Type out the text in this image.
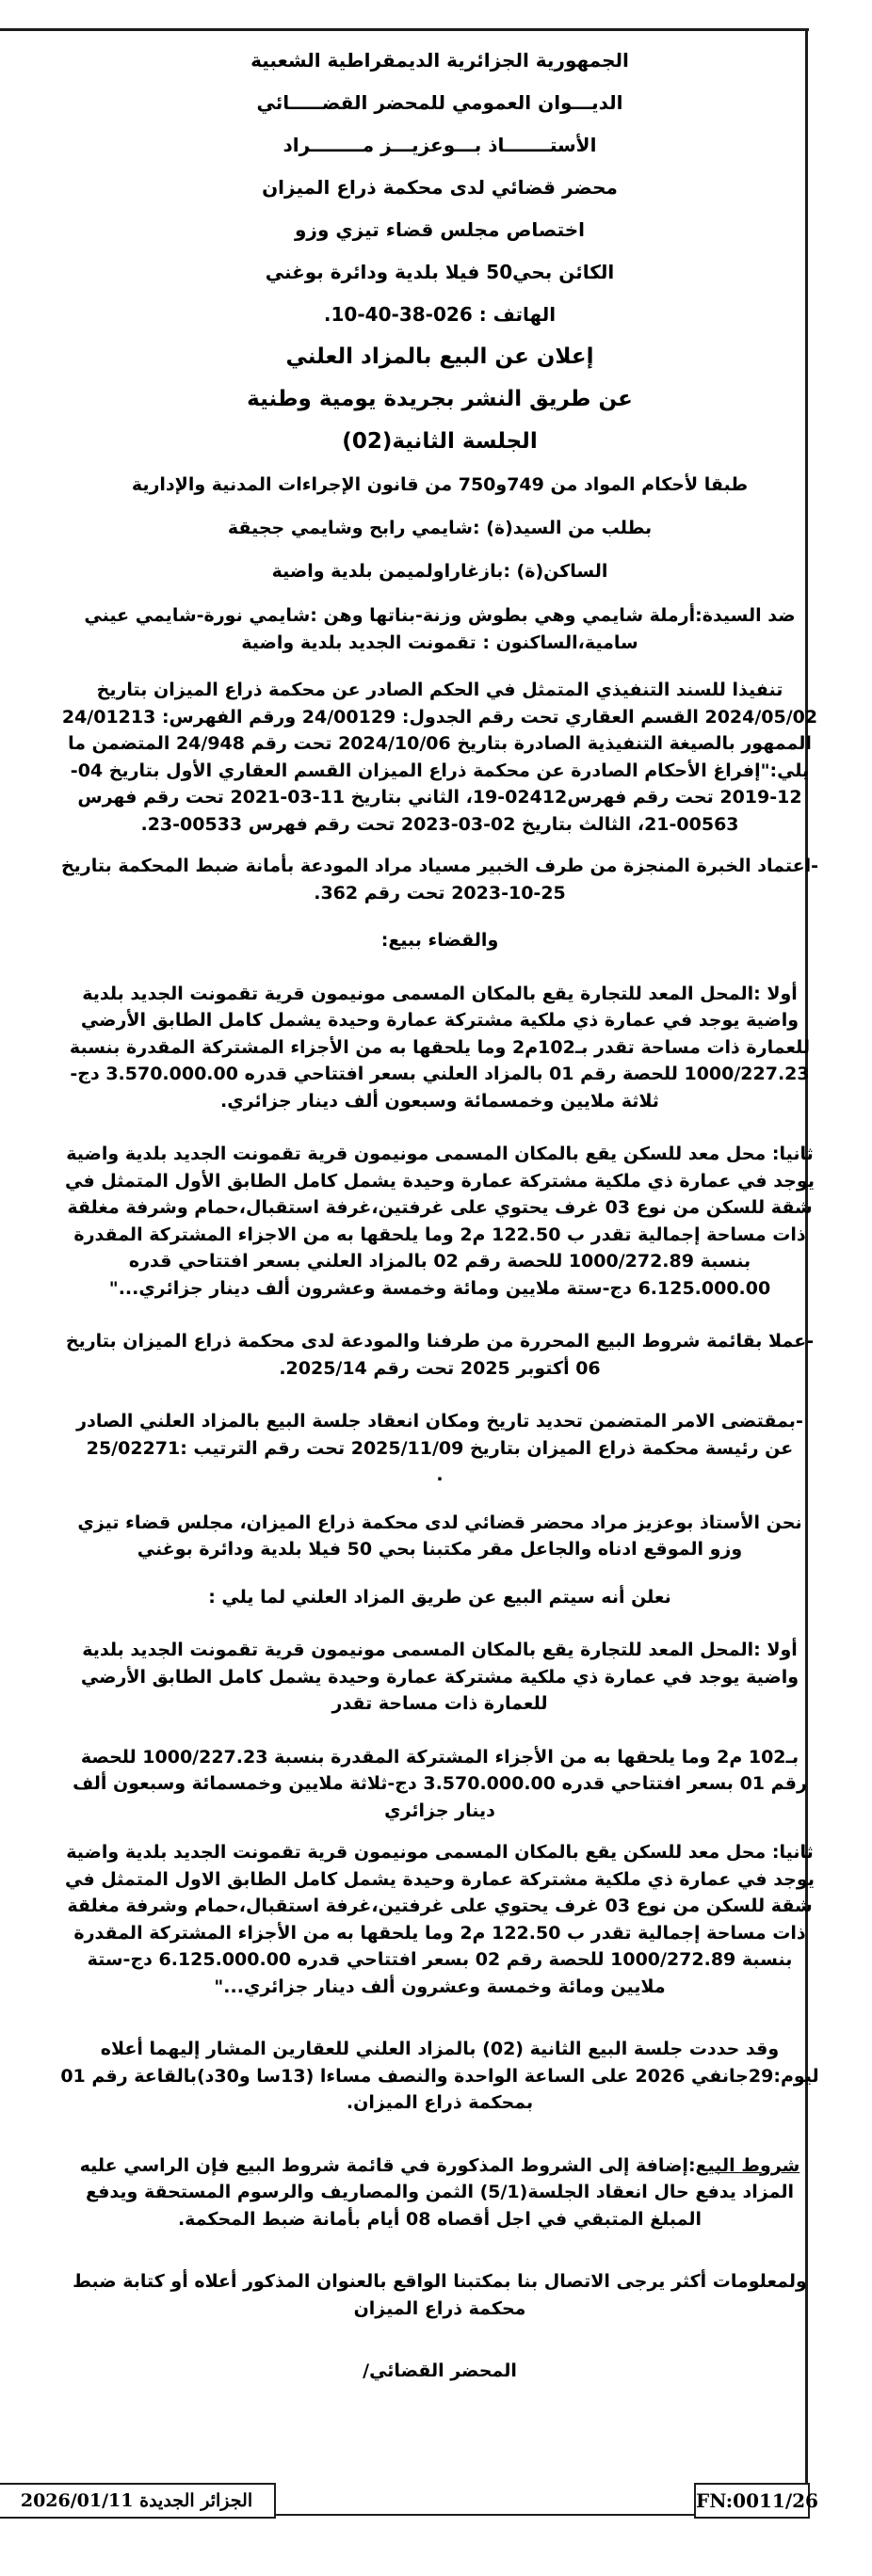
الجمهورية الجزائرية الديمقراطية الشعبية

الديـــوان العمومي للمحضر القضـــــائي

الأستـــــــاذ بـــوعزيـــز مــــــــراد

محضر قضائي لدى محكمة ذراع الميزان

اختصاص مجلس قضاء تيزي وزو

الكائن بحي50 فيلا بلدية ودائرة بوغني

الهاتف : 026-38-40-10.

إعلان عن البيع بالمزاد العلني

عن طريق النشر بجريدة يومية وطنية

الجلسة الثانية(02)

طبقا لأحكام المواد من 749و750 من قانون الإجراءات المدنية والإدارية

بطلب من السيد(ة) :شايمي رابح وشايمي ججيقة

الساكن(ة) :بازغاراولميمن بلدية واضية

ضد السيدة:أرملة شايمي وهي بطوش وزنة-بناتها وهن :شايمي نورة-شايمي عيني سامية،الساكنون : تقمونت الجديد بلدية واضية

تنفيذا للسند التنفيذي المتمثل في الحكم الصادر عن محكمة ذراع الميزان بتاريخ 2024/05/02 القسم العقاري تحت رقم الجدول: 24/00129 ورقم الفهرس: 24/01213 الممهور بالصيغة التنفيذية الصادرة بتاريخ 2024/10/06 تحت رقم 24/948 المتضمن ما يلي:"إفراغ الأحكام الصادرة عن محكمة ذراع الميزان القسم العقاري الأول بتاريخ 04-12-2019 تحت رقم فهرس02412-19، الثاني بتاريخ 11-03-2021 تحت رقم فهرس 00563-21، الثالث بتاريخ 02-03-2023 تحت رقم فهرس 00533-23.

-اعتماد الخبرة المنجزة من طرف الخبير مسياد مراد المودعة بأمانة ضبط المحكمة بتاريخ 25-10-2023 تحت رقم 362.

والقضاء ببيع:

أولا :المحل المعد للتجارة يقع بالمكان المسمى مونيمون قرية تقمونت الجديد بلدية واضية يوجد في عمارة ذي ملكية مشتركة عمارة وحيدة يشمل كامل الطابق الأرضي للعمارة ذات مساحة تقدر بـ102م2 وما يلحقها به من الأجزاء المشتركة المقدرة بنسبة 1000/227.23 للحصة رقم 01 بالمزاد العلني بسعر افتتاحي قدره 3.570.000.00 دج-ثلاثة ملايين وخمسمائة وسبعون ألف دينار جزائري.

ثانيا: محل معد للسكن يقع بالمكان المسمى مونيمون قرية تقمونت الجديد بلدية واضية يوجد في عمارة ذي ملكية مشتركة عمارة وحيدة يشمل كامل الطابق الأول المتمثل في شقة للسكن من نوع 03 غرف يحتوي على غرفتين،غرفة استقبال،حمام وشرفة مغلقة ذات مساحة إجمالية تقدر ب 122.50 م2 وما يلحقها به من الاجزاء المشتركة المقدرة بنسبة 1000/272.89 للحصة رقم 02 بالمزاد العلني بسعر افتتاحي قدره 6.125.000.00 دج-ستة ملايين ومائة وخمسة وعشرون ألف دينار جزائري..."

-عملا بقائمة شروط البيع المحررة من طرفنا والمودعة لدى محكمة ذراع الميزان بتاريخ 06 أكتوبر 2025 تحت رقم 2025/14.

-بمقتضى الامر المتضمن تحديد تاريخ ومكان انعقاد جلسة البيع بالمزاد العلني الصادر عن رئيسة محكمة ذراع الميزان بتاريخ 2025/11/09 تحت رقم الترتيب :25/02271

.

نحن الأستاذ بوعزيز مراد محضر قضائي لدى محكمة ذراع الميزان، مجلس قضاء تيزي وزو الموقع ادناه والجاعل مقر مكتبنا بحي 50 فيلا بلدية ودائرة بوغني

نعلن أنه سيتم البيع عن طريق المزاد العلني لما يلي :

أولا :المحل المعد للتجارة يقع بالمكان المسمى مونيمون قرية تقمونت الجديد بلدية واضية يوجد في عمارة ذي ملكية مشتركة عمارة وحيدة يشمل كامل الطابق الأرضي للعمارة ذات مساحة تقدر

بـ102 م2 وما يلحقها به من الأجزاء المشتركة المقدرة بنسبة 1000/227.23 للحصة رقم 01 بسعر افتتاحي قدره 3.570.000.00 دج-ثلاثة ملايين وخمسمائة وسبعون ألف دينار جزائري

ثانيا: محل معد للسكن يقع بالمكان المسمى مونيمون قرية تقمونت الجديد بلدية واضية يوجد في عمارة ذي ملكية مشتركة عمارة وحيدة يشمل كامل الطابق الاول المتمثل في شقة للسكن من نوع 03 غرف يحتوي على غرفتين،غرفة استقبال،حمام وشرفة مغلقة ذات مساحة إجمالية تقدر ب 122.50 م2 وما يلحقها به من الأجزاء المشتركة المقدرة بنسبة 1000/272.89 للحصة رقم 02 بسعر افتتاحي قدره 6.125.000.00 دج-ستة ملايين ومائة وخمسة وعشرون ألف دينار جزائري..."

وقد حددت جلسة البيع الثانية (02) بالمزاد العلني للعقارين المشار إليهما أعلاه ليوم:29جانفي 2026 على الساعة الواحدة والنصف مساءا (13سا و30د)بالقاعة رقم 01 بمحكمة ذراع الميزان.

شروط البيع:إضافة إلى الشروط المذكورة في قائمة شروط البيع فإن الراسي عليه المزاد يدفع حال انعقاد الجلسة(5/1) الثمن والمصاريف والرسوم المستحقة ويدفع المبلغ المتبقي في اجل أقصاه 08 أيام بأمانة ضبط المحكمة.

ولمعلومات أكثر يرجى الاتصال بنا بمكتبنا الواقع بالعنوان المذكور أعلاه أو كتابة ضبط محكمة ذراع الميزان

المحضر القضائي/

الجزائر الجديدة 2026/01/11	FN:0011/26
